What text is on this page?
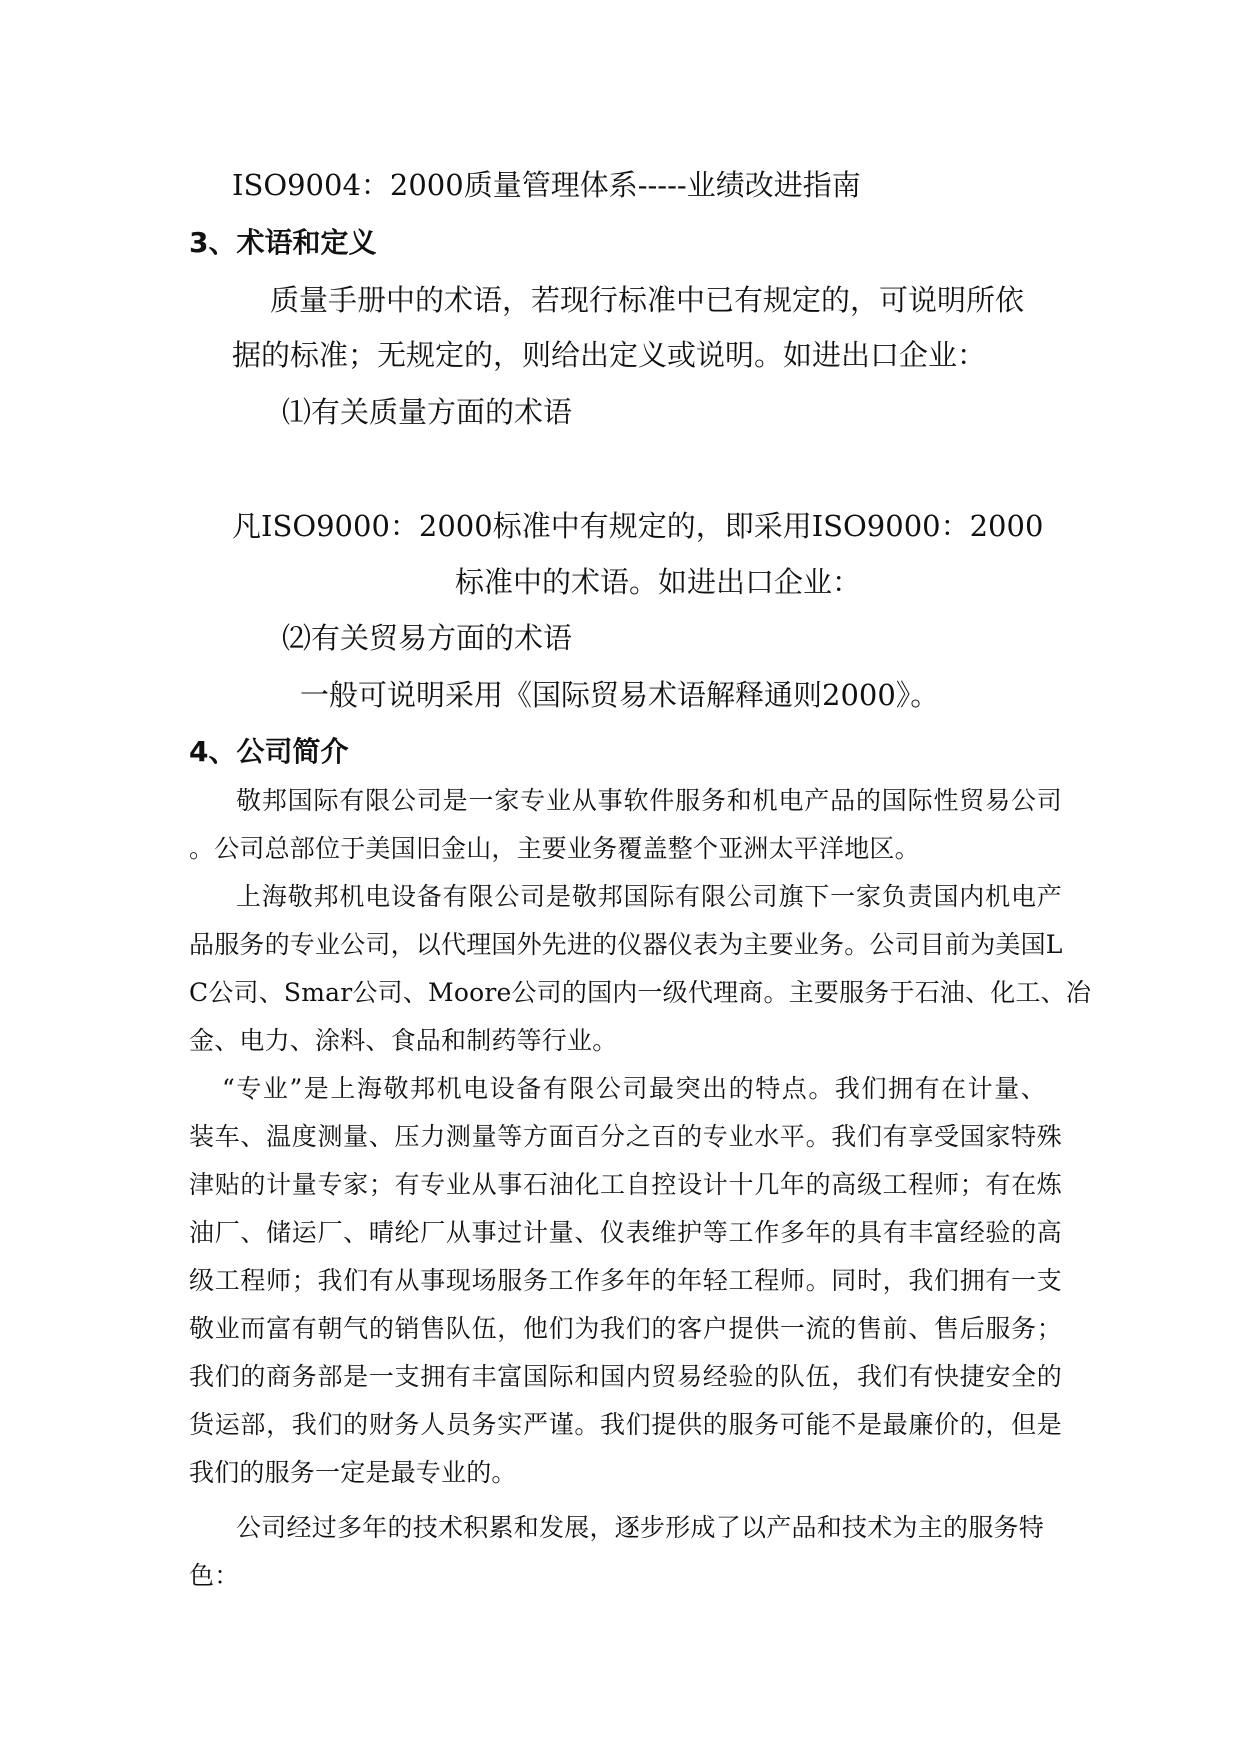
ISO9004：2000质量管理体系-----业绩改进指南
3、术语和定义
质量手册中的术语，若现行标准中已有规定的，可说明所依
据的标准；无规定的，则给出定义或说明。如进出口企业：
⑴有关质量方面的术语
凡ISO9000：2000标准中有规定的，即采用ISO9000：2000
标准中的术语。如进出口企业：
⑵有关贸易方面的术语
一般可说明采用《国际贸易术语解释通则2000》。
4、公司简介
敬邦国际有限公司是一家专业从事软件服务和机电产品的国际性贸易公司
。公司总部位于美国旧金山，主要业务覆盖整个亚洲太平洋地区。
上海敬邦机电设备有限公司是敬邦国际有限公司旗下一家负责国内机电产
品服务的专业公司，以代理国外先进的仪器仪表为主要业务。公司目前为美国L
C公司、Smar公司、Moore公司的国内一级代理商。主要服务于石油、化工、冶
金、电力、涂料、食品和制药等行业。
“专业”是上海敬邦机电设备有限公司最突出的特点。我们拥有在计量、
装车、温度测量、压力测量等方面百分之百的专业水平。我们有享受国家特殊
津贴的计量专家；有专业从事石油化工自控设计十几年的高级工程师；有在炼
油厂、储运厂、晴纶厂从事过计量、仪表维护等工作多年的具有丰富经验的高
级工程师；我们有从事现场服务工作多年的年轻工程师。同时，我们拥有一支
敬业而富有朝气的销售队伍，他们为我们的客户提供一流的售前、售后服务；
我们的商务部是一支拥有丰富国际和国内贸易经验的队伍，我们有快捷安全的
货运部，我们的财务人员务实严谨。我们提供的服务可能不是最廉价的，但是
我们的服务一定是最专业的。
公司经过多年的技术积累和发展，逐步形成了以产品和技术为主的服务特
色：
